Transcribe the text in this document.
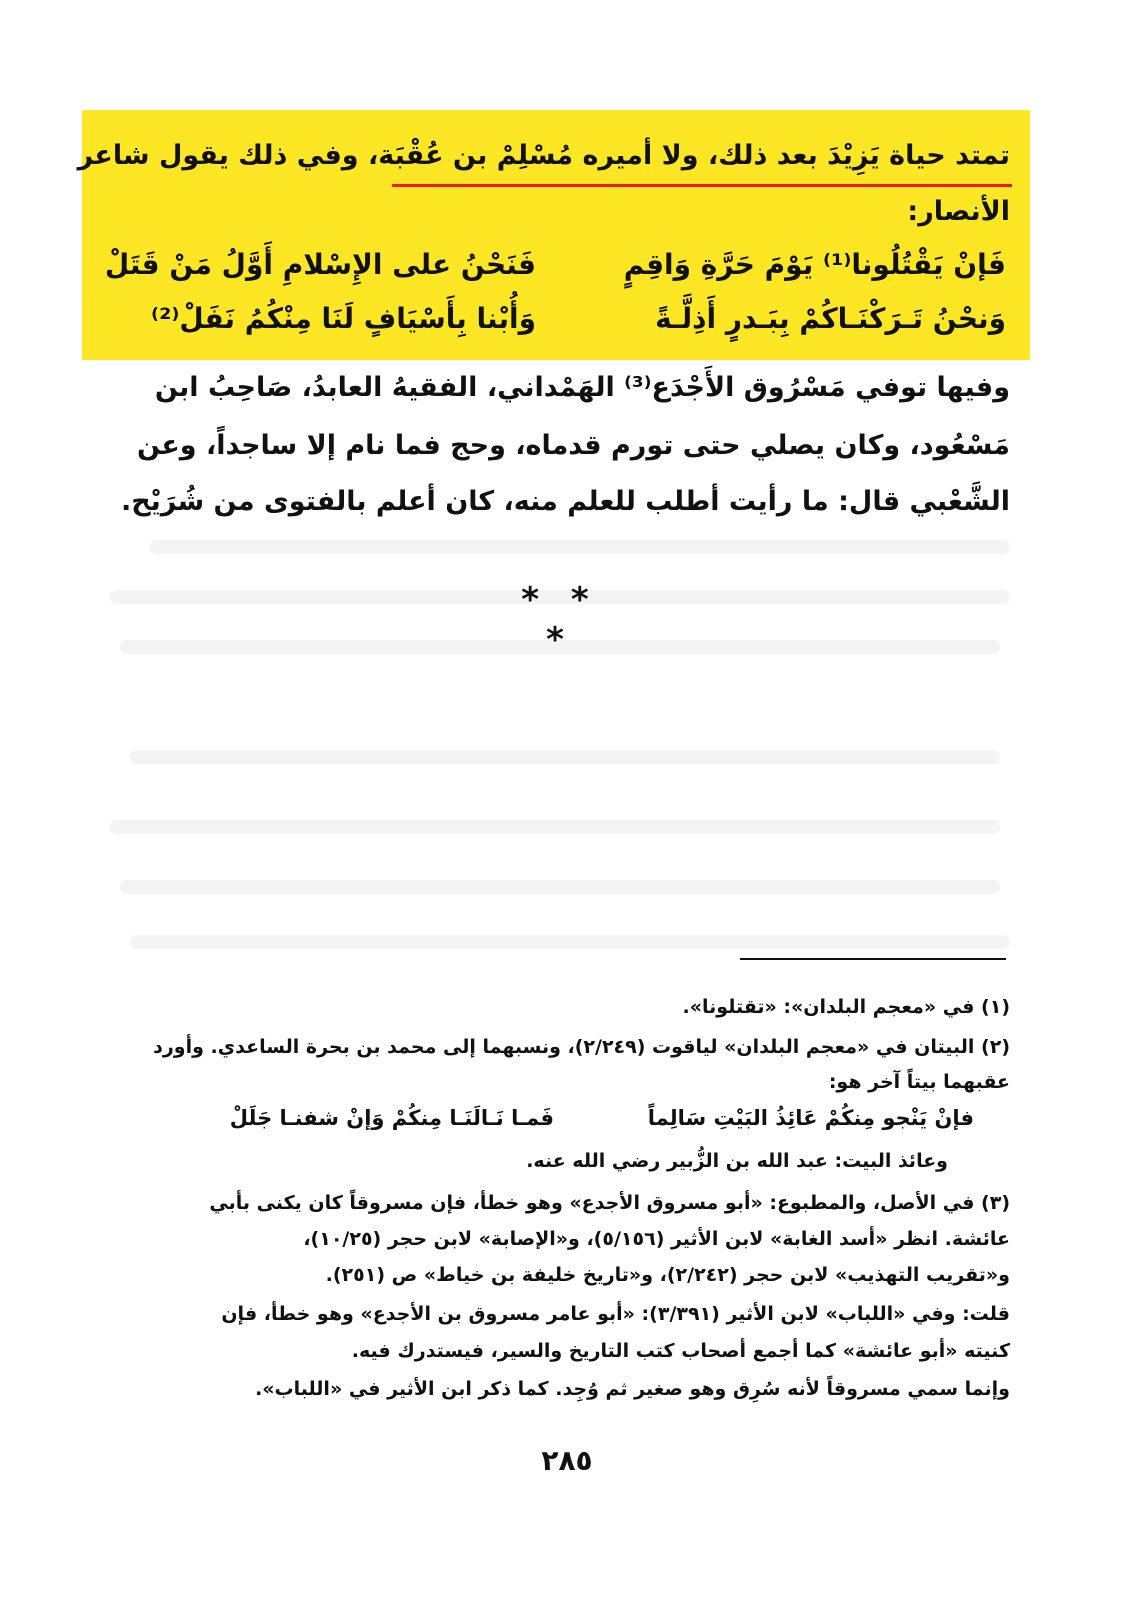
تمتد حياة يَزِيْدَ بعد ذلك، ولا أميره مُسْلِمْ بن عُقْبَة، وفي ذلك يقول شاعر
الأنصار:
فَإنْ يَقْتُلُونا⁽¹⁾ يَوْمَ حَرَّةِ وَاقِمٍ
فَنَحْنُ على الإِسْلامِ أَوَّلُ مَنْ قَتَلْ
وَنحْنُ تَـرَكْنَـاكُمْ بِبَـدرٍ أَذِلَّـةً
وَأُبْنا بِأَسْيَافٍ لَنَا مِنْكُمُ نَفَلْ⁽²⁾
وفيها توفي مَسْرُوق الأَجْدَع⁽³⁾ الهَمْداني، الفقيهُ العابدُ، صَاحِبُ ابن
مَسْعُود، وكان يصلي حتى تورم قدماه، وحج فما نام إلا ساجداً، وعن
الشَّعْبي قال: ما رأيت أطلب للعلم منه، كان أعلم بالفتوى من شُرَيْح.
* * *
(١) في «معجم البلدان»: «تقتلونا».
(٢) البيتان في «معجم البلدان» لياقوت (٢/٢٤٩)، ونسبهما إلى محمد بن بحرة الساعدي. وأورد
عقبهما بيتاً آخر هو:
فإنْ يَنْجو مِنكُمْ عَائِذُ البَيْتِ سَالِماً
فَمـا نَـالَنَـا مِنكُمْ وَإنْ شفنـا جَلَلْ
وعائذ البيت: عبد الله بن الزُّبير رضي الله عنه.
(٣) في الأصل، والمطبوع: «أبو مسروق الأجدع» وهو خطأ، فإن مسروقاً كان يكنى بأبي
عائشة. انظر «أسد الغابة» لابن الأثير (٥/١٥٦)، و«الإصابة» لابن حجر (١٠/٢٥)،
و«تقريب التهذيب» لابن حجر (٢/٢٤٢)، و«تاريخ خليفة بن خياط» ص (٢٥١).
قلت: وفي «اللباب» لابن الأثير (٣/٣٩١): «أبو عامر مسروق بن الأجدع» وهو خطأ، فإن
كنيته «أبو عائشة» كما أجمع أصحاب كتب التاريخ والسير، فيستدرك فيه.
وإنما سمي مسروقاً لأنه سُرِق وهو صغير ثم وُجِد. كما ذكر ابن الأثير في «اللباب».
٢٨٥
